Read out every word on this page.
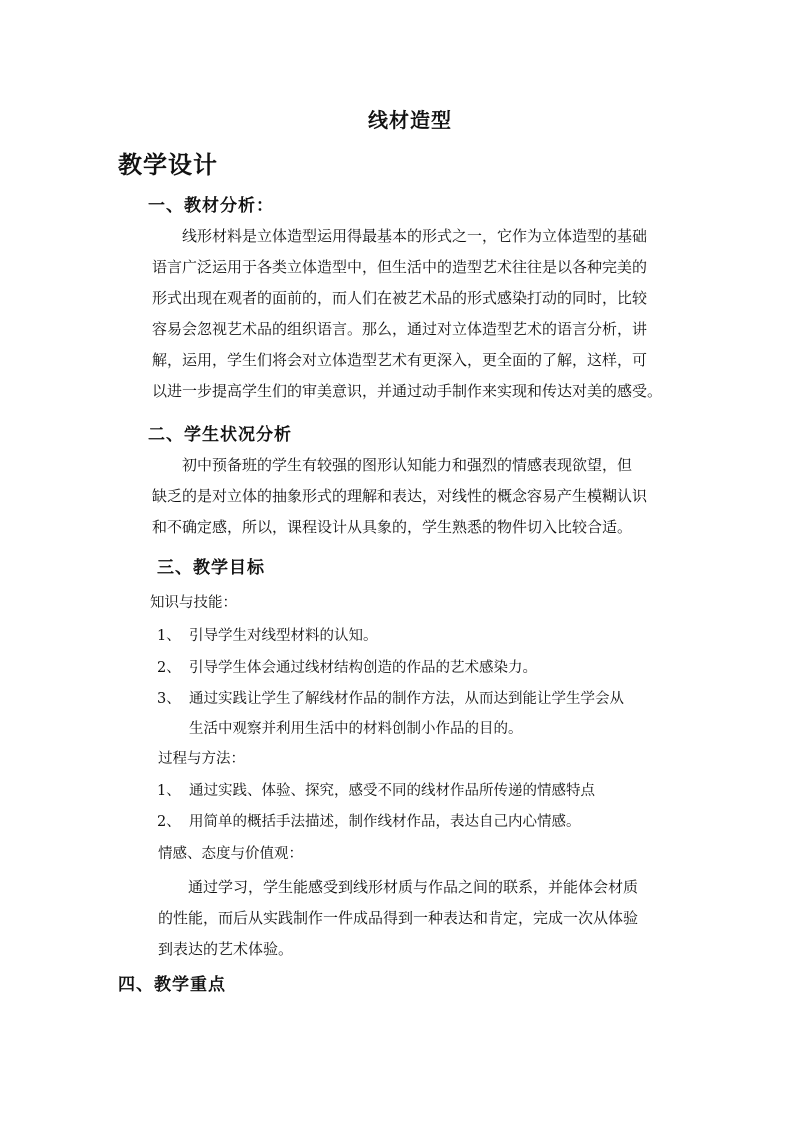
线材造型
教学设计
一、教材分析：
线形材料是立体造型运用得最基本的形式之一，它作为立体造型的基础
语言广泛运用于各类立体造型中，但生活中的造型艺术往往是以各种完美的
形式出现在观者的面前的，而人们在被艺术品的形式感染打动的同时，比较
容易会忽视艺术品的组织语言。那么，通过对立体造型艺术的语言分析，讲
解，运用，学生们将会对立体造型艺术有更深入，更全面的了解，这样，可
以进一步提高学生们的审美意识，并通过动手制作来实现和传达对美的感受。
二、学生状况分析
初中预备班的学生有较强的图形认知能力和强烈的情感表现欲望，但
缺乏的是对立体的抽象形式的理解和表达，对线性的概念容易产生模糊认识
和不确定感，所以，课程设计从具象的，学生熟悉的物件切入比较合适。
三、教学目标
知识与技能：
1、 引导学生对线型材料的认知。
2、 引导学生体会通过线材结构创造的作品的艺术感染力。
3、 通过实践让学生了解线材作品的制作方法，从而达到能让学生学会从
生活中观察并利用生活中的材料创制小作品的目的。
过程与方法：
1、 通过实践、体验、探究，感受不同的线材作品所传递的情感特点
2、 用简单的概括手法描述，制作线材作品，表达自己内心情感。
情感、态度与价值观：
通过学习，学生能感受到线形材质与作品之间的联系，并能体会材质
的性能，而后从实践制作一件成品得到一种表达和肯定，完成一次从体验
到表达的艺术体验。
四、教学重点
